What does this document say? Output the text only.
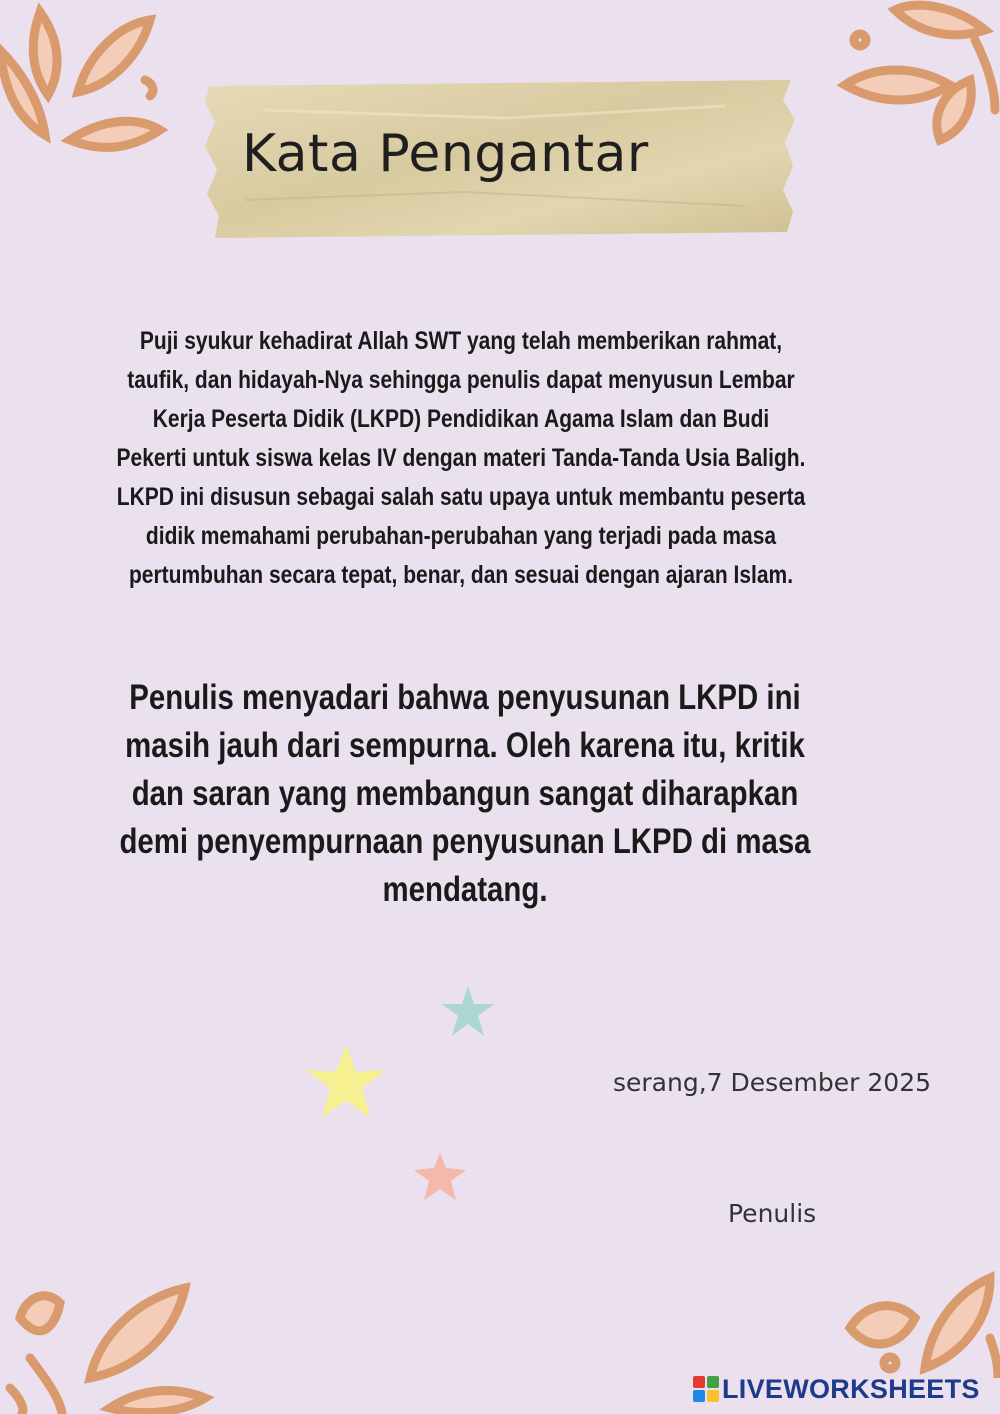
Kata Pengantar
Puji syukur kehadirat Allah SWT yang telah memberikan rahmat, taufik, dan hidayah-Nya sehingga penulis dapat menyusun Lembar Kerja Peserta Didik (LKPD) Pendidikan Agama Islam dan Budi Pekerti untuk siswa kelas IV dengan materi Tanda-Tanda Usia Baligh. LKPD ini disusun sebagai salah satu upaya untuk membantu peserta didik memahami perubahan-perubahan yang terjadi pada masa pertumbuhan secara tepat, benar, dan sesuai dengan ajaran Islam.
Penulis menyadari bahwa penyusunan LKPD ini masih jauh dari sempurna. Oleh karena itu, kritik dan saran yang membangun sangat diharapkan demi penyempurnaan penyusunan LKPD di masa mendatang.
serang,7 Desember 2025
Penulis
LIVEWORKSHEETS
